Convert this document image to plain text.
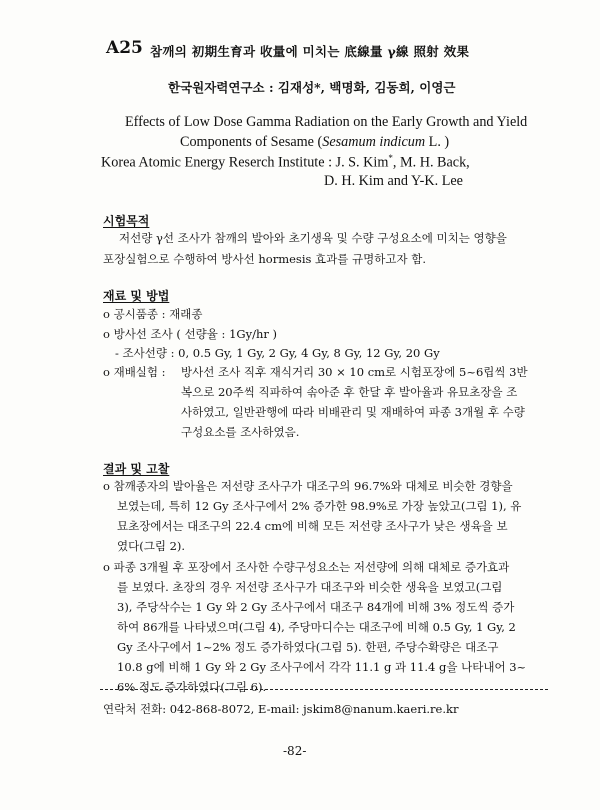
A25 참깨의 初期生育과 收量에 미치는 底線量 γ線 照射 效果
한국원자력연구소 : 김재성*, 백명화, 김동희, 이영근
Effects of Low Dose Gamma Radiation on the Early Growth and Yield
Components of Sesame (Sesamum indicum L. )
Korea Atomic Energy Reserch Institute : J. S. Kim*, M. H. Back,
D. H. Kim and Y-K. Lee
시험목적
저선량 γ선 조사가 참깨의 발아와 초기생육 및 수량 구성요소에 미치는 영향을
포장실험으로 수행하여 방사선 hormesis 효과를 규명하고자 함.
재료 및 방법
o 공시품종 : 재래종
o 방사선 조사 ( 선량율 : 1Gy/hr )
- 조사선량 : 0, 0.5 Gy, 1 Gy, 2 Gy, 4 Gy, 8 Gy, 12 Gy, 20 Gy
o 재배실험 : 방사선 조사 직후 재식거리 30 × 10 cm로 시험포장에 5~6립씩 3반
복으로 20주씩 직파하여 솎아준 후 한달 후 발아율과 유묘초장을 조
사하였고, 일반관행에 따라 비배관리 및 재배하여 파종 3개월 후 수량
구성요소를 조사하였음.
결과 및 고찰
o 참깨종자의 발아율은 저선량 조사구가 대조구의 96.7%와 대체로 비슷한 경향을
보였는데, 특히 12 Gy 조사구에서 2% 증가한 98.9%로 가장 높았고(그림 1), 유
묘초장에서는 대조구의 22.4 cm에 비해 모든 저선량 조사구가 낮은 생육을 보
였다(그림 2).
o 파종 3개월 후 포장에서 조사한 수량구성요소는 저선량에 의해 대체로 증가효과
를 보였다. 초장의 경우 저선량 조사구가 대조구와 비슷한 생육을 보였고(그림
3), 주당삭수는 1 Gy 와 2 Gy 조사구에서 대조구 84개에 비해 3% 정도씩 증가
하여 86개를 나타냈으며(그림 4), 주당마디수는 대조구에 비해 0.5 Gy, 1 Gy, 2
Gy 조사구에서 1~2% 정도 증가하였다(그림 5). 한편, 주당수확량은 대조구
10.8 g에 비해 1 Gy 와 2 Gy 조사구에서 각각 11.1 g 과 11.4 g을 나타내어 3~
6% 정도 증가하였다(그림 6).
연락처 전화: 042-868-8072, E-mail: jskim8@nanum.kaeri.re.kr
-82-
